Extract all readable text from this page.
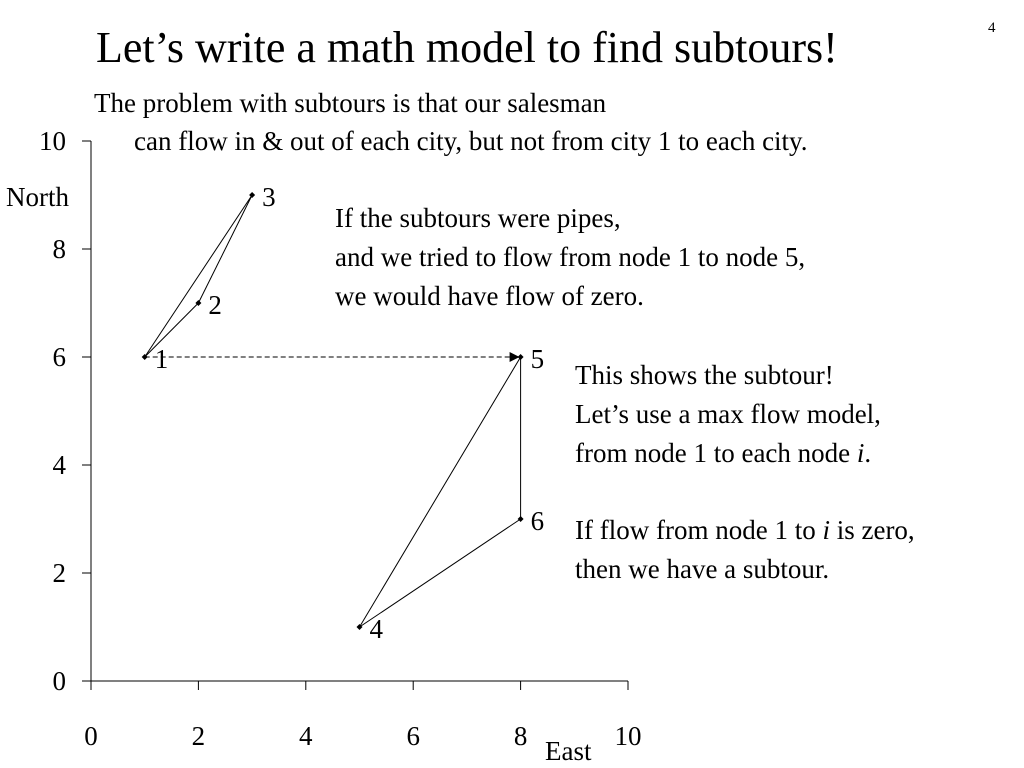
4
Let’s write a math model to find subtours!
The problem with subtours is that our salesman
can flow in & out of each city, but not from city 1 to each city.
0	2	4	6	8	10
0
2
4
6
8
10
1
2
3
4
5
6
North
East
If the subtours were pipes,
and we tried to flow from node 1 to node 5,
we would have flow of zero.
This shows the subtour!
Let’s use a max flow model,
from node 1 to each node i.
If flow from node 1 to i is zero,
then we have a subtour.
